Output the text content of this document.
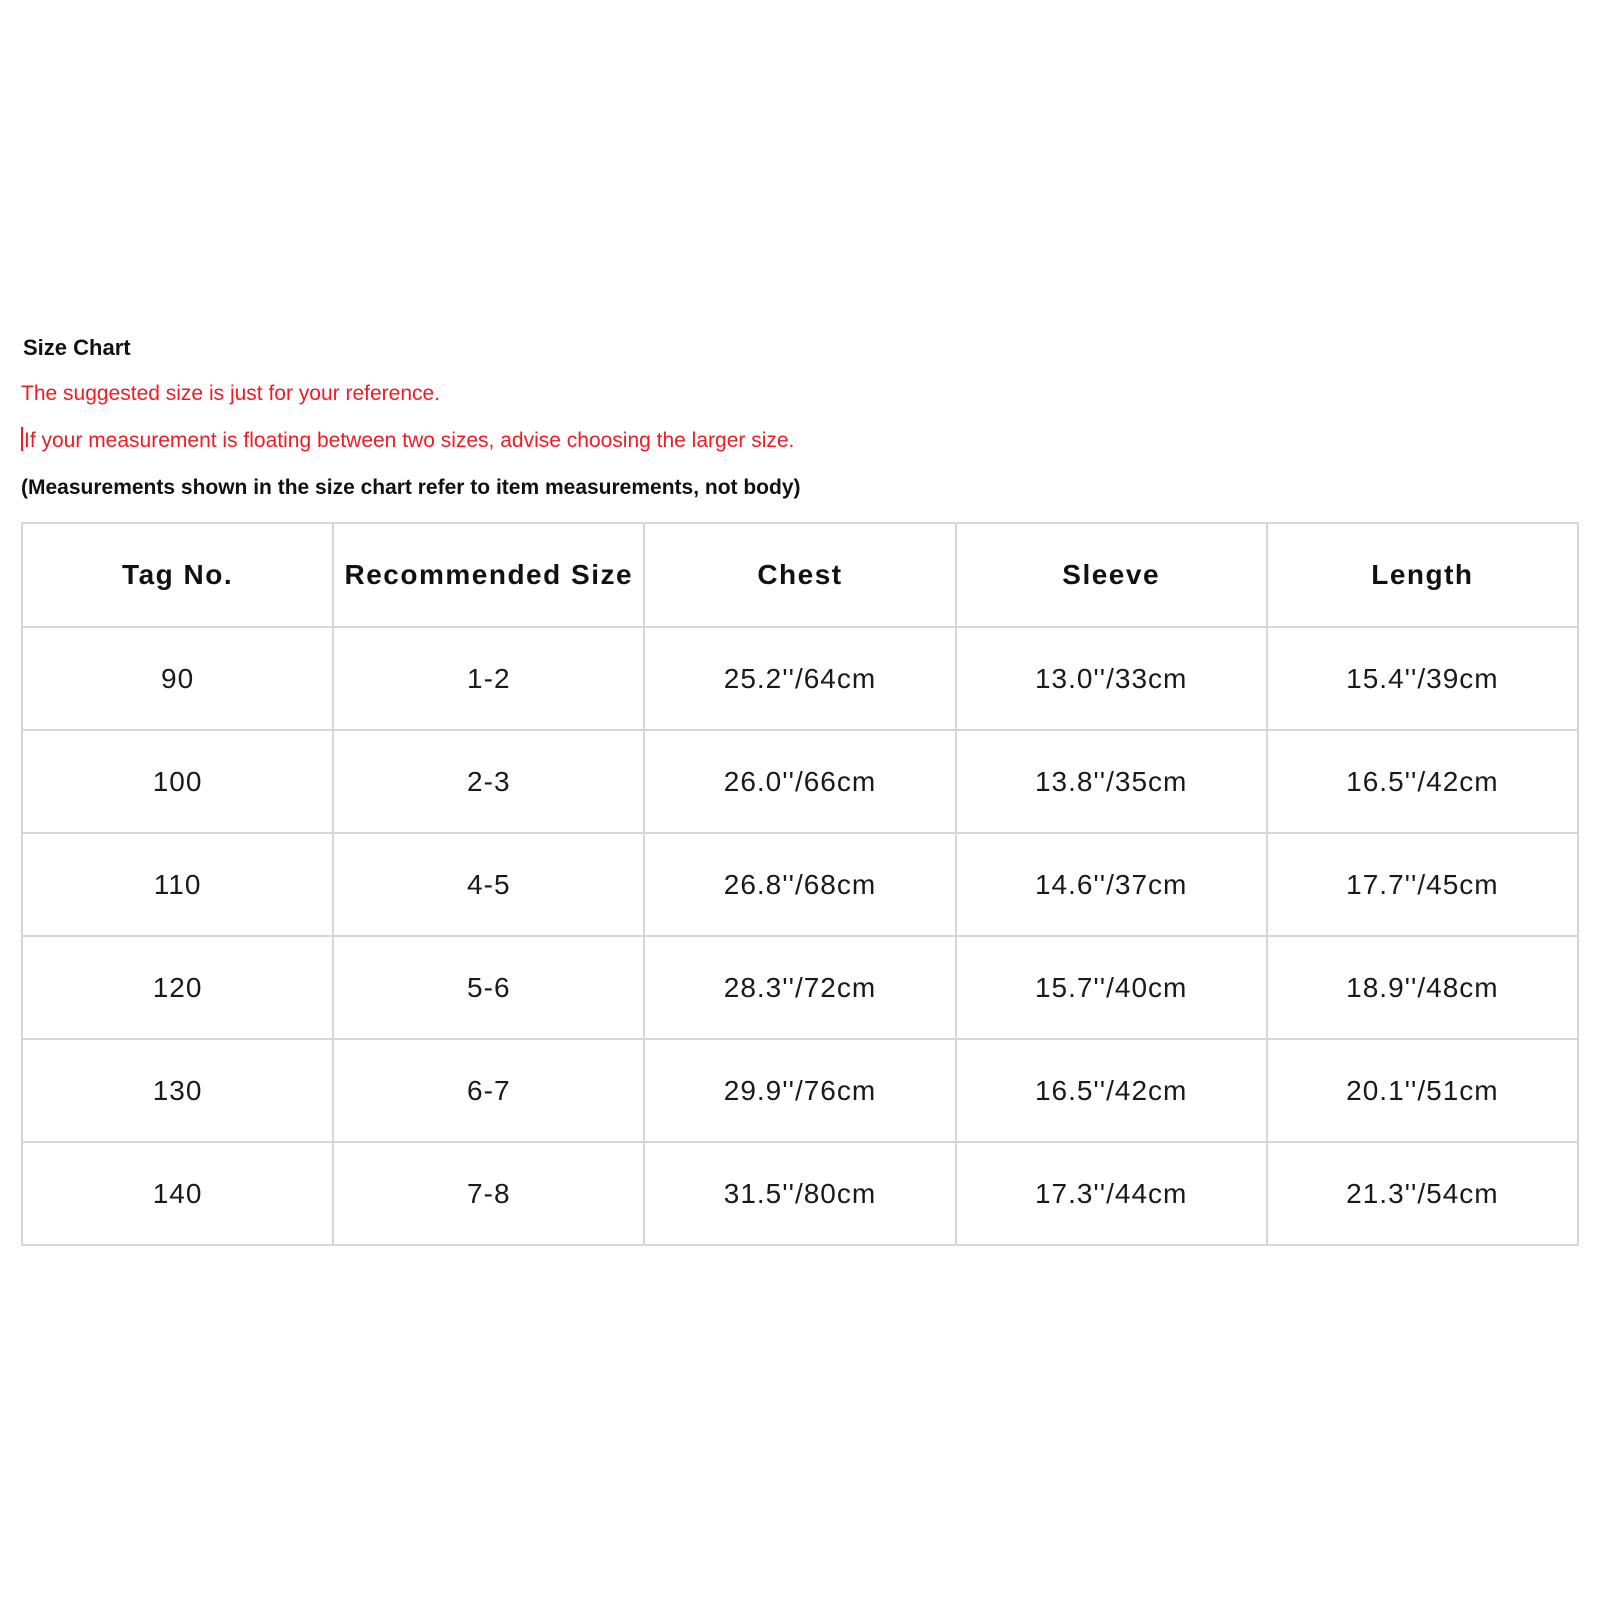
Size Chart
The suggested size is just for your reference.
If your measurement is floating between two sizes, advise choosing the larger size.
(Measurements shown in the size chart refer to item measurements, not body)
Tag No.	Recommended Size	Chest	Sleeve	Length
90	1-2	25.2''/64cm	13.0''/33cm	15.4''/39cm
100	2-3	26.0''/66cm	13.8''/35cm	16.5''/42cm
110	4-5	26.8''/68cm	14.6''/37cm	17.7''/45cm
120	5-6	28.3''/72cm	15.7''/40cm	18.9''/48cm
130	6-7	29.9''/76cm	16.5''/42cm	20.1''/51cm
140	7-8	31.5''/80cm	17.3''/44cm	21.3''/54cm
